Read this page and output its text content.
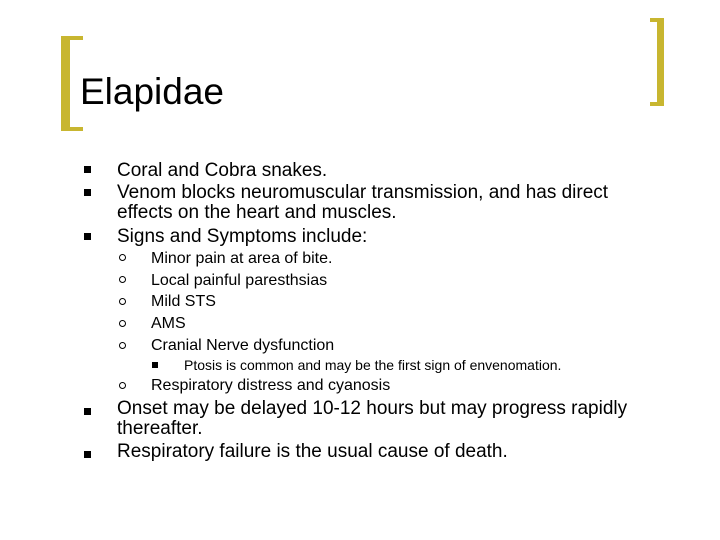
Elapidae
Coral and Cobra snakes.
Venom blocks neuromuscular transmission, and has direct
effects on the heart and muscles.
Signs and Symptoms include:
Minor pain at area of bite.
Local painful paresthsias
Mild STS
AMS
Cranial Nerve dysfunction
Ptosis is common and may be the first sign of envenomation.
Respiratory distress and cyanosis
Onset may be delayed 10-12 hours but may progress rapidly
thereafter.
Respiratory failure is the usual cause of death.
